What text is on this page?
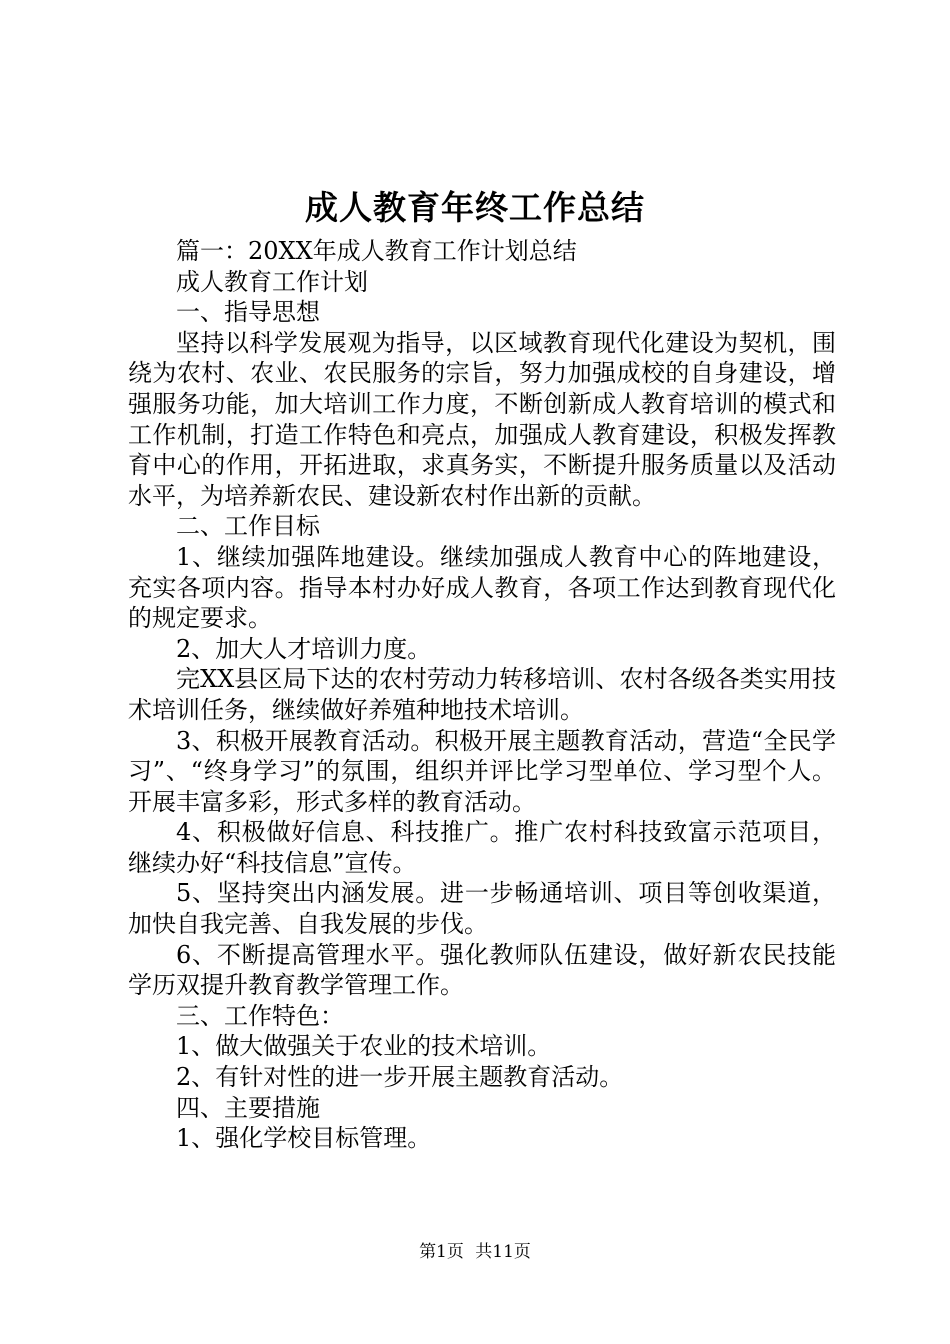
成人教育年终工作总结

篇一：20XX年成人教育工作计划总结

成人教育工作计划

一、指导思想

坚持以科学发展观为指导，以区域教育现代化建设为契机，围绕为农村、农业、农民服务的宗旨，努力加强成校的自身建设，增强服务功能，加大培训工作力度，不断创新成人教育培训的模式和工作机制，打造工作特色和亮点，加强成人教育建设，积极发挥教育中心的作用，开拓进取，求真务实，不断提升服务质量以及活动水平，为培养新农民、建设新农村作出新的贡献。

二、工作目标

1、继续加强阵地建设。继续加强成人教育中心的阵地建设，充实各项内容。指导本村办好成人教育，各项工作达到教育现代化的规定要求。

2、加大人才培训力度。

完XX县区局下达的农村劳动力转移培训、农村各级各类实用技术培训任务，继续做好养殖种地技术培训。

3、积极开展教育活动。积极开展主题教育活动，营造“全民学习”、“终身学习”的氛围，组织并评比学习型单位、学习型个人。开展丰富多彩，形式多样的教育活动。

4、积极做好信息、科技推广。推广农村科技致富示范项目，继续办好“科技信息”宣传。

5、坚持突出内涵发展。进一步畅通培训、项目等创收渠道，加快自我完善、自我发展的步伐。

6、不断提高管理水平。强化教师队伍建设，做好新农民技能学历双提升教育教学管理工作。

三、工作特色：

1、做大做强关于农业的技术培训。

2、有针对性的进一步开展主题教育活动。

四、主要措施

1、强化学校目标管理。

第1页 共11页
